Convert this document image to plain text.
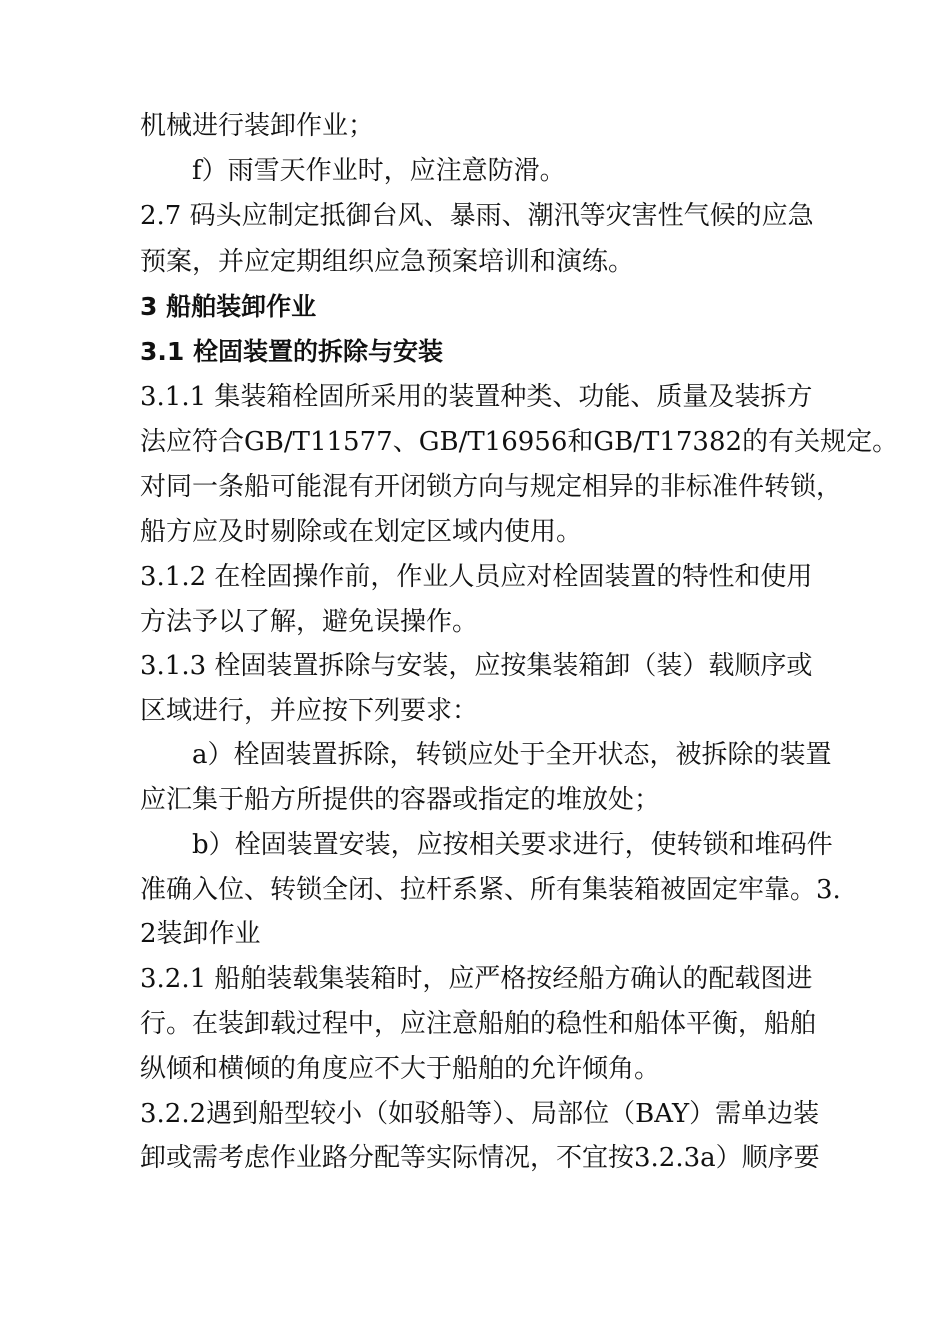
机械进行装卸作业；
f）雨雪天作业时，应注意防滑。
2.7 码头应制定抵御台风、暴雨、潮汛等灾害性气候的应急
预案，并应定期组织应急预案培训和演练。
3 船舶装卸作业
3.1 栓固装置的拆除与安装
3.1.1 集装箱栓固所采用的装置种类、功能、质量及装拆方
法应符合GB/T11577、GB/T16956和GB/T17382的有关规定。
对同一条船可能混有开闭锁方向与规定相异的非标准件转锁，
船方应及时剔除或在划定区域内使用。
3.1.2 在栓固操作前，作业人员应对栓固装置的特性和使用
方法予以了解，避免误操作。
3.1.3 栓固装置拆除与安装，应按集装箱卸（装）载顺序或
区域进行，并应按下列要求：
a）栓固装置拆除，转锁应处于全开状态，被拆除的装置
应汇集于船方所提供的容器或指定的堆放处；
b）栓固装置安装，应按相关要求进行，使转锁和堆码件
准确入位、转锁全闭、拉杆系紧、所有集装箱被固定牢靠。3.
2装卸作业
3.2.1 船舶装载集装箱时，应严格按经船方确认的配载图进
行。在装卸载过程中，应注意船舶的稳性和船体平衡，船舶
纵倾和横倾的角度应不大于船舶的允许倾角。
3.2.2遇到船型较小（如驳船等）、局部位（BAY）需单边装
卸或需考虑作业路分配等实际情况，不宜按3.2.3a）顺序要
